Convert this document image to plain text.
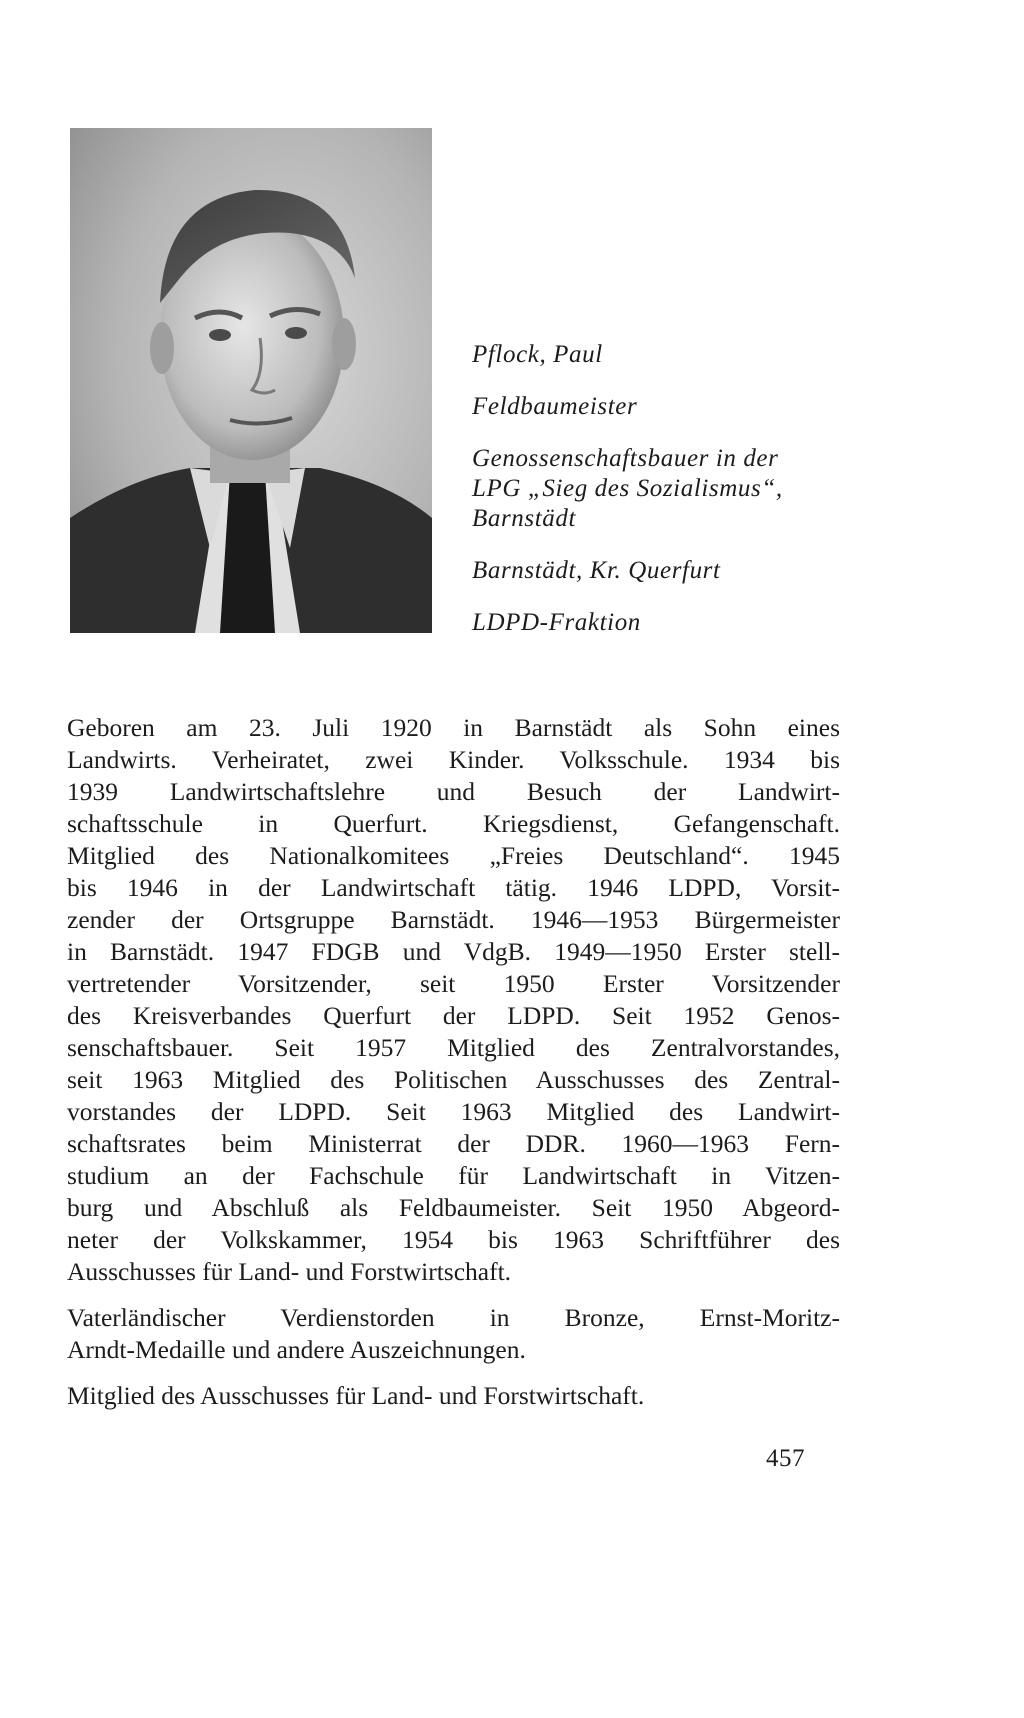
Pflock, Paul
Feldbaumeister
Genossenschaftsbauer in der
LPG „Sieg des Sozialismus“,
Barnstädt
Barnstädt, Kr. Querfurt
LDPD-Fraktion
Geboren am 23. Juli 1920 in Barnstädt als Sohn eines
Landwirts. Verheiratet, zwei Kinder. Volksschule. 1934 bis
1939 Landwirtschaftslehre und Besuch der Landwirt-
schaftsschule in Querfurt. Kriegsdienst, Gefangenschaft.
Mitglied des Nationalkomitees „Freies Deutschland“. 1945
bis 1946 in der Landwirtschaft tätig. 1946 LDPD, Vorsit-
zender der Ortsgruppe Barnstädt. 1946—1953 Bürgermeister
in Barnstädt. 1947 FDGB und VdgB. 1949—1950 Erster stell-
vertretender Vorsitzender, seit 1950 Erster Vorsitzender
des Kreisverbandes Querfurt der LDPD. Seit 1952 Genos-
senschaftsbauer. Seit 1957 Mitglied des Zentralvorstandes,
seit 1963 Mitglied des Politischen Ausschusses des Zentral-
vorstandes der LDPD. Seit 1963 Mitglied des Landwirt-
schaftsrates beim Ministerrat der DDR. 1960—1963 Fern-
studium an der Fachschule für Landwirtschaft in Vitzen-
burg und Abschluß als Feldbaumeister. Seit 1950 Abgeord-
neter der Volkskammer, 1954 bis 1963 Schriftführer des
Ausschusses für Land- und Forstwirtschaft.
Vaterländischer Verdienstorden in Bronze, Ernst-Moritz-
Arndt-Medaille und andere Auszeichnungen.
Mitglied des Ausschusses für Land- und Forstwirtschaft.
457
